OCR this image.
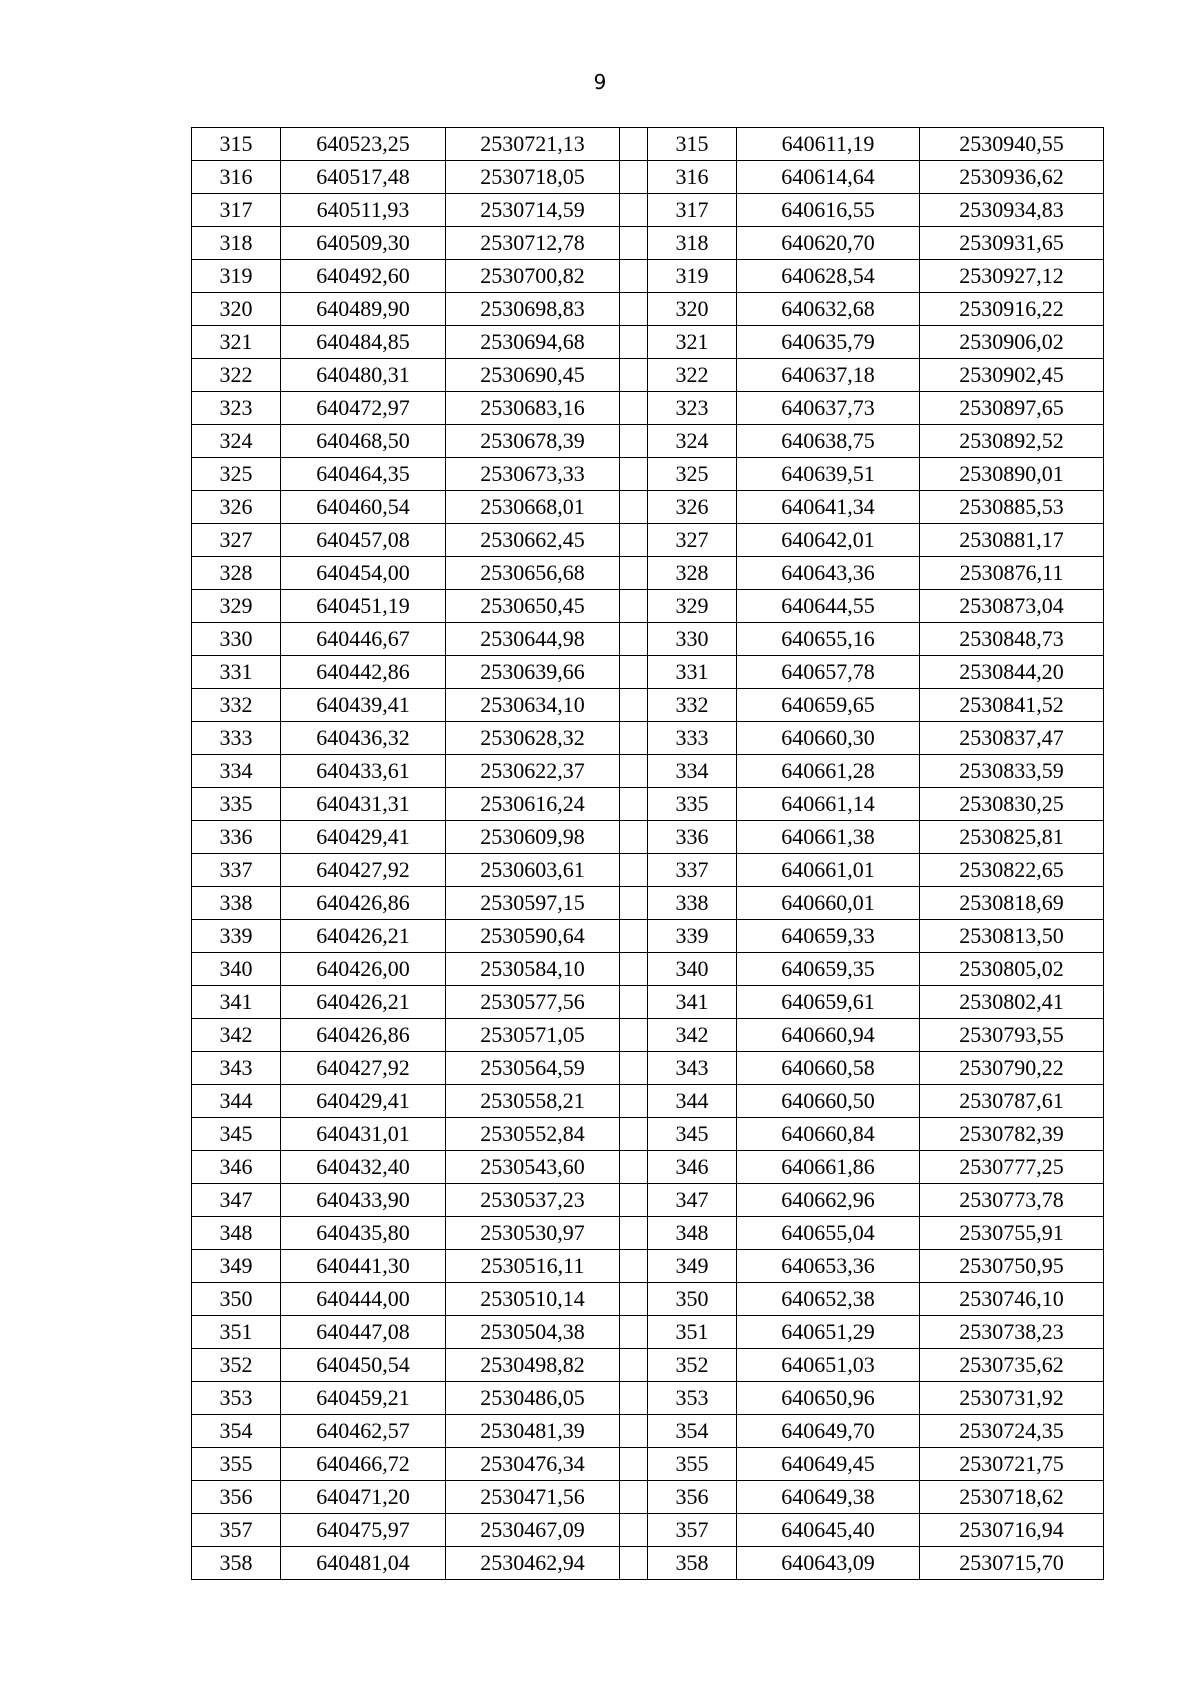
9
315	640523,25	2530721,13		315	640611,19	2530940,55
316	640517,48	2530718,05		316	640614,64	2530936,62
317	640511,93	2530714,59		317	640616,55	2530934,83
318	640509,30	2530712,78		318	640620,70	2530931,65
319	640492,60	2530700,82		319	640628,54	2530927,12
320	640489,90	2530698,83		320	640632,68	2530916,22
321	640484,85	2530694,68		321	640635,79	2530906,02
322	640480,31	2530690,45		322	640637,18	2530902,45
323	640472,97	2530683,16		323	640637,73	2530897,65
324	640468,50	2530678,39		324	640638,75	2530892,52
325	640464,35	2530673,33		325	640639,51	2530890,01
326	640460,54	2530668,01		326	640641,34	2530885,53
327	640457,08	2530662,45		327	640642,01	2530881,17
328	640454,00	2530656,68		328	640643,36	2530876,11
329	640451,19	2530650,45		329	640644,55	2530873,04
330	640446,67	2530644,98		330	640655,16	2530848,73
331	640442,86	2530639,66		331	640657,78	2530844,20
332	640439,41	2530634,10		332	640659,65	2530841,52
333	640436,32	2530628,32		333	640660,30	2530837,47
334	640433,61	2530622,37		334	640661,28	2530833,59
335	640431,31	2530616,24		335	640661,14	2530830,25
336	640429,41	2530609,98		336	640661,38	2530825,81
337	640427,92	2530603,61		337	640661,01	2530822,65
338	640426,86	2530597,15		338	640660,01	2530818,69
339	640426,21	2530590,64		339	640659,33	2530813,50
340	640426,00	2530584,10		340	640659,35	2530805,02
341	640426,21	2530577,56		341	640659,61	2530802,41
342	640426,86	2530571,05		342	640660,94	2530793,55
343	640427,92	2530564,59		343	640660,58	2530790,22
344	640429,41	2530558,21		344	640660,50	2530787,61
345	640431,01	2530552,84		345	640660,84	2530782,39
346	640432,40	2530543,60		346	640661,86	2530777,25
347	640433,90	2530537,23		347	640662,96	2530773,78
348	640435,80	2530530,97		348	640655,04	2530755,91
349	640441,30	2530516,11		349	640653,36	2530750,95
350	640444,00	2530510,14		350	640652,38	2530746,10
351	640447,08	2530504,38		351	640651,29	2530738,23
352	640450,54	2530498,82		352	640651,03	2530735,62
353	640459,21	2530486,05		353	640650,96	2530731,92
354	640462,57	2530481,39		354	640649,70	2530724,35
355	640466,72	2530476,34		355	640649,45	2530721,75
356	640471,20	2530471,56		356	640649,38	2530718,62
357	640475,97	2530467,09		357	640645,40	2530716,94
358	640481,04	2530462,94		358	640643,09	2530715,70
